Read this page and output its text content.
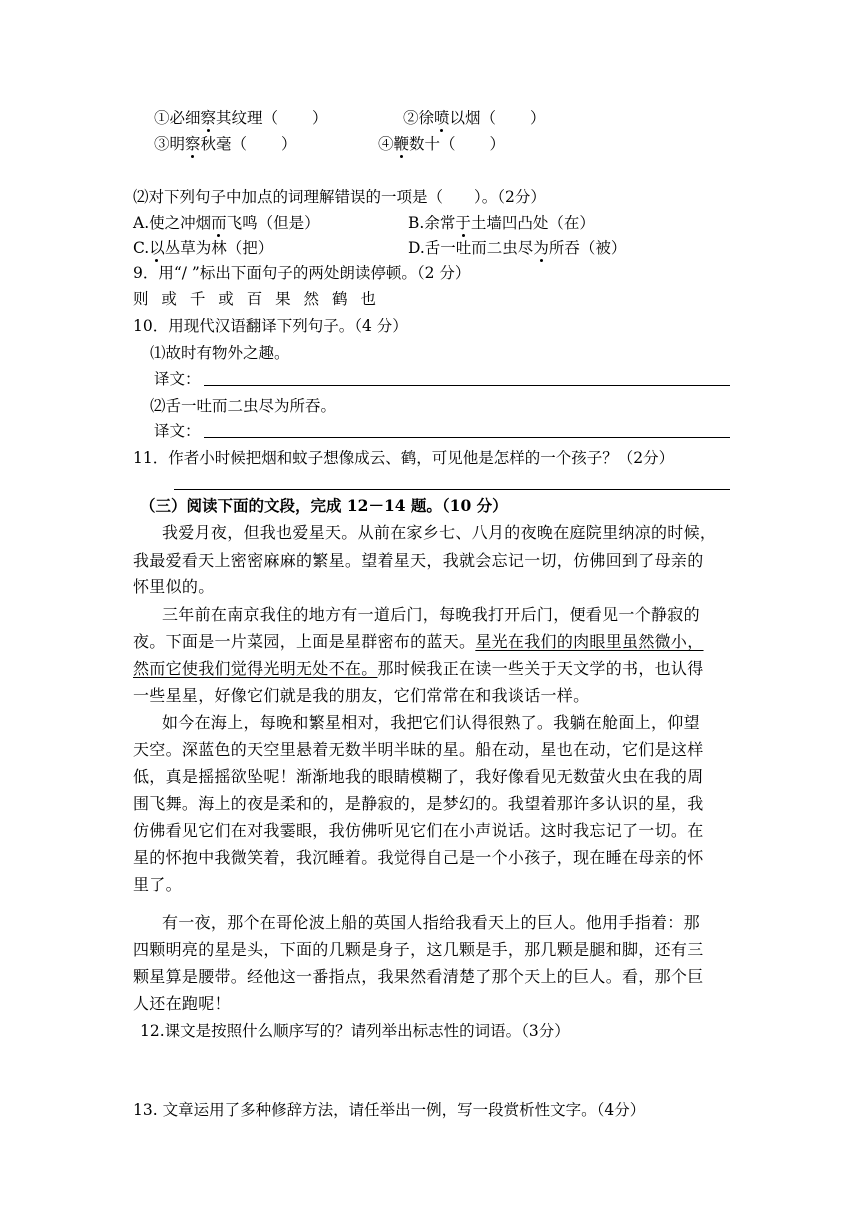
①必细察其纹理（ ）	②徐喷以烟（ ）
③明察秋毫（ ）	④鞭数十（ ）
⑵对下列句子中加点的词理解错误的一项是（　　）。（2分）
A.使之冲烟而飞鸣（但是）	B.余常于土墙凹凸处（在）
C.以丛草为林（把）	D.舌一吐而二虫尽为所吞（被）
9．用“/ ”标出下面句子的两处朗读停顿。（2 分）
则 或 千 或 百 果 然 鹤 也
10．用现代汉语翻译下列句子。（4 分）
⑴故时有物外之趣。
译文：
⑵舌一吐而二虫尽为所吞。
译文：
11．作者小时候把烟和蚊子想像成云、鹤，可见他是怎样的一个孩子？（2分）
（三）阅读下面的文段，完成 12－14 题。（10 分）
我爱月夜，但我也爱星天。从前在家乡七、八月的夜晚在庭院里纳凉的时候，
我最爱看天上密密麻麻的繁星。望着星天，我就会忘记一切，仿佛回到了母亲的
怀里似的。
三年前在南京我住的地方有一道后门，每晚我打开后门，便看见一个静寂的
夜。下面是一片菜园，上面是星群密布的蓝天。星光在我们的肉眼里虽然微小，
然而它使我们觉得光明无处不在。那时候我正在读一些关于天文学的书，也认得
一些星星，好像它们就是我的朋友，它们常常在和我谈话一样。
如今在海上，每晚和繁星相对，我把它们认得很熟了。我躺在舱面上，仰望
天空。深蓝色的天空里悬着无数半明半昧的星。船在动，星也在动，它们是这样
低，真是摇摇欲坠呢！渐渐地我的眼睛模糊了，我好像看见无数萤火虫在我的周
围飞舞。海上的夜是柔和的，是静寂的，是梦幻的。我望着那许多认识的星，我
仿佛看见它们在对我霎眼，我仿佛听见它们在小声说话。这时我忘记了一切。在
星的怀抱中我微笑着，我沉睡着。我觉得自己是一个小孩子，现在睡在母亲的怀
里了。
有一夜，那个在哥伦波上船的英国人指给我看天上的巨人。他用手指着：那
四颗明亮的星是头，下面的几颗是身子，这几颗是手，那几颗是腿和脚，还有三
颗星算是腰带。经他这一番指点，我果然看清楚了那个天上的巨人。看，那个巨
人还在跑呢！
12.课文是按照什么顺序写的？请列举出标志性的词语。（3分）
13. 文章运用了多种修辞方法，请任举出一例，写一段赏析性文字。（4分）
